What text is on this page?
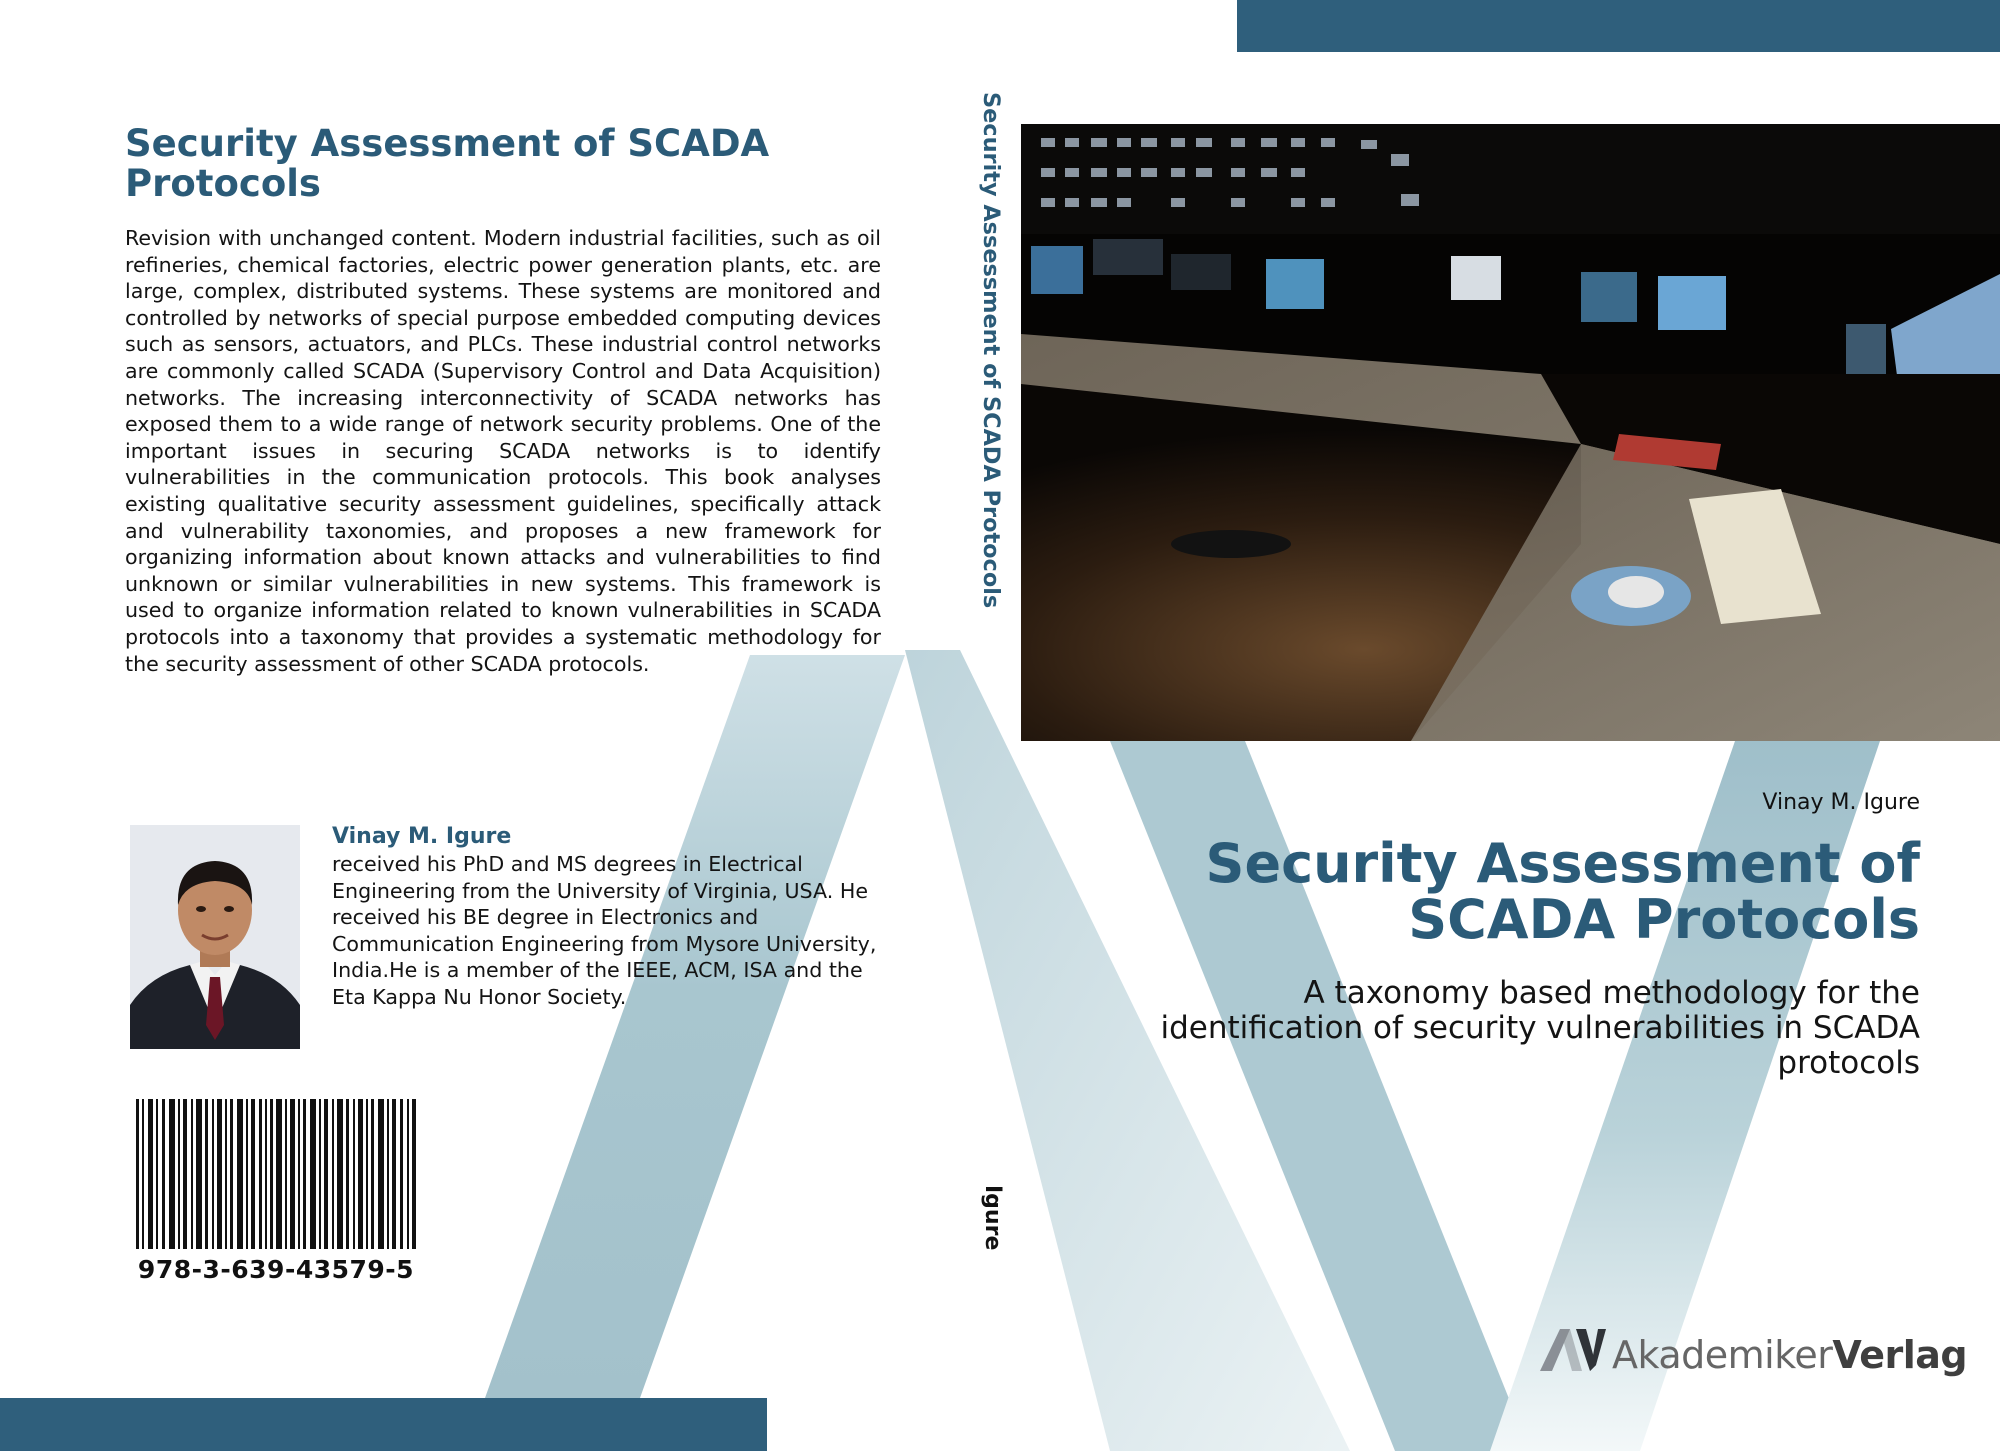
Security Assessment of SCADA
Protocols

Revision with unchanged content. Modern industrial facilities, such as oil refineries, chemical factories, electric power generation plants, etc. are large, complex, distributed systems. These systems are monitored and controlled by networks of special purpose embedded computing devices such as sensors, actuators, and PLCs. These industrial control networks are commonly called SCADA (Supervisory Control and Data Acquisition) networks. The increasing interconnectivity of SCADA networks has exposed them to a wide range of network security problems. One of the important issues in securing SCADA networks is to identify vulnerabilities in the communication protocols. This book analyses existing qualitative security assessment guidelines, specifically attack and vulnerability taxonomies, and proposes a new framework for organizing information about known attacks and vulnerabilities to find unknown or similar vulnerabilities in new systems. This framework is used to organize information related to known vulnerabilities in SCADA protocols into a taxonomy that provides a systematic methodology for the security assessment of other SCADA protocols.

Vinay M. Igure
received his PhD and MS degrees in Electrical Engineering from the University of Virginia, USA. He received his BE degree in Electronics and Communication Engineering from Mysore University, India.He is a member of the IEEE, ACM, ISA and the Eta Kappa Nu Honor Society.
978-3-639-43579-5
Security Assessment of SCADA Protocols
Igure
Vinay M. Igure
Security Assessment of
SCADA Protocols

A taxonomy based methodology for the
identification of security vulnerabilities in SCADA
protocols

AkademikerVerlag
